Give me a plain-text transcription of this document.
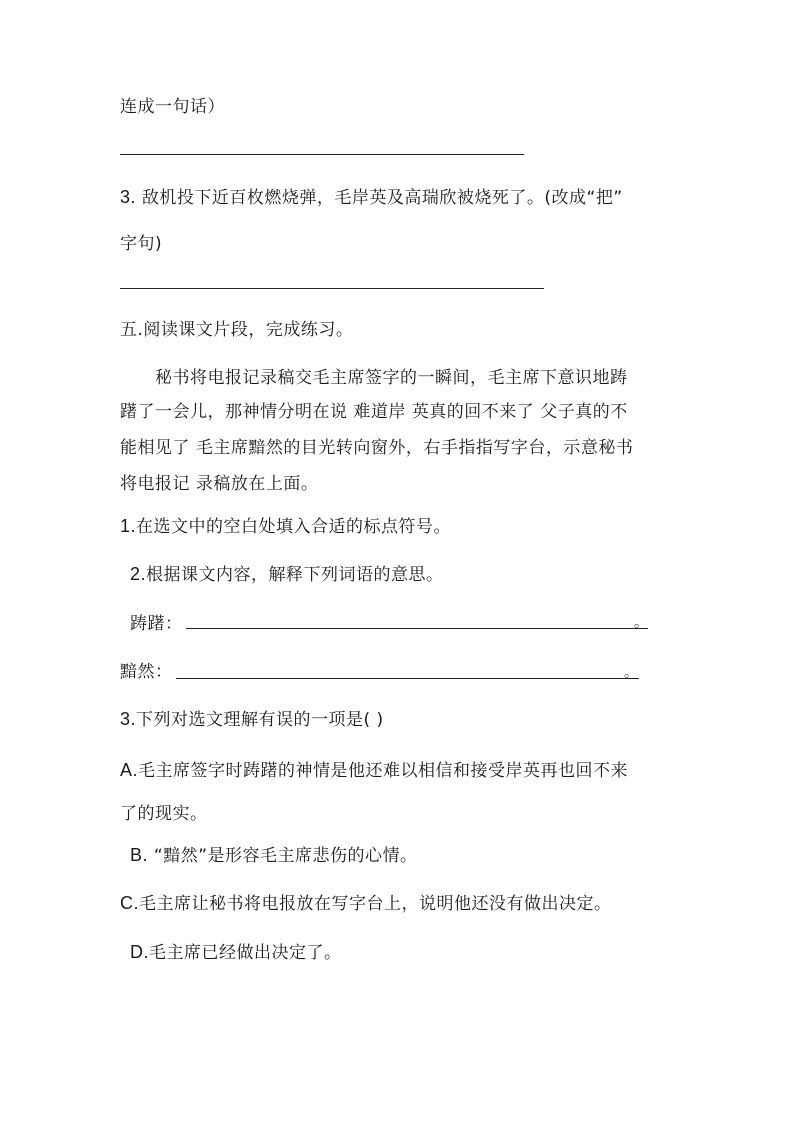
连成一句话）
3. 敌机投下近百枚燃烧弹，毛岸英及高瑞欣被烧死了。(改成“把”
字句)
五.阅读课文片段，完成练习。
秘书将电报记录稿交毛主席签字的一瞬间，毛主席下意识地踌
躇了一会儿，那神情分明在说 难道岸 英真的回不来了 父子真的不
能相见了 毛主席黯然的目光转向窗外，右手指指写字台，示意秘书
将电报记 录稿放在上面。
1.在选文中的空白处填入合适的标点符号。
2.根据课文内容，解释下列词语的意思。
踌躇：	。
黯然：	。
3.下列对选文理解有误的一项是( )
A.毛主席签字时踌躇的神情是他还难以相信和接受岸英再也回不来
了的现实。
B. “黯然”是形容毛主席悲伤的心情。
C.毛主席让秘书将电报放在写字台上，说明他还没有做出决定。
D.毛主席已经做出决定了。
